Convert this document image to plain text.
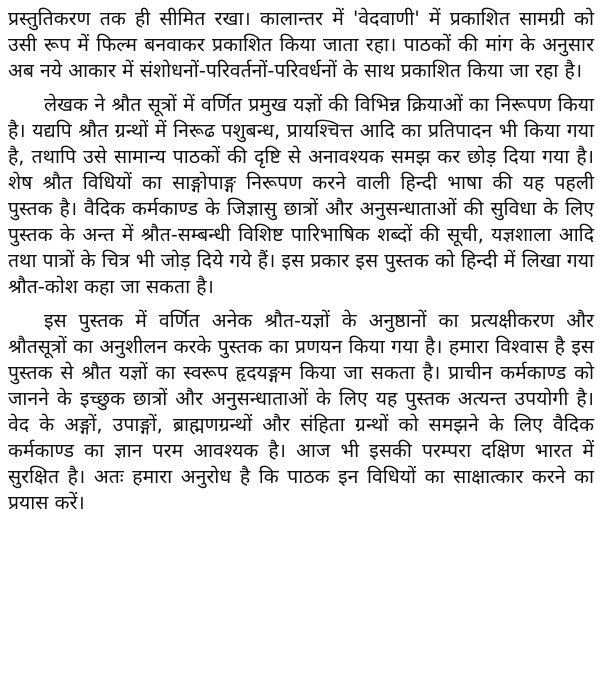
प्रस्तुतिकरण तक ही सीमित रखा। कालान्तर में 'वेदवाणी' में प्रकाशित सामग्री को उसी रूप में फिल्म बनवाकर प्रकाशित किया जाता रहा। पाठकों की मांग के अनुसार अब नये आकार में संशोधनों-परिवर्तनों-परिवर्धनों के साथ प्रकाशित किया जा रहा है।

लेखक ने श्रौत सूत्रों में वर्णित प्रमुख यज्ञों की विभिन्न क्रियाओं का निरूपण किया है। यद्यपि श्रौत ग्रन्थों में निरूढ पशुबन्ध, प्रायश्चित्त आदि का प्रतिपादन भी किया गया है, तथापि उसे सामान्य पाठकों की दृष्टि से अनावश्यक समझ कर छोड़ दिया गया है। शेष श्रौत विधियों का साङ्गोपाङ्ग निरूपण करने वाली हिन्दी भाषा की यह पहली पुस्तक है। वैदिक कर्मकाण्ड के जिज्ञासु छात्रों और अनुसन्धाताओं की सुविधा के लिए पुस्तक के अन्त में श्रौत-सम्बन्धी विशिष्ट पारिभाषिक शब्दों की सूची, यज्ञशाला आदि तथा पात्रों के चित्र भी जोड़ दिये गये हैं। इस प्रकार इस पुस्तक को हिन्दी में लिखा गया श्रौत-कोश कहा जा सकता है।

इस पुस्तक में वर्णित अनेक श्रौत-यज्ञों के अनुष्ठानों का प्रत्यक्षीकरण और श्रौतसूत्रों का अनुशीलन करके पुस्तक का प्रणयन किया गया है। हमारा विश्वास है इस पुस्तक से श्रौत यज्ञों का स्वरूप हृदयङ्गम किया जा सकता है। प्राचीन कर्मकाण्ड को जानने के इच्छुक छात्रों और अनुसन्धाताओं के लिए यह पुस्तक अत्यन्त उपयोगी है। वेद के अङ्गों, उपाङ्गों, ब्राह्मणग्रन्थों और संहिता ग्रन्थों को समझने के लिए वैदिक कर्मकाण्ड का ज्ञान परम आवश्यक है। आज भी इसकी परम्परा दक्षिण भारत में सुरक्षित है। अतः हमारा अनुरोध है कि पाठक इन विधियों का साक्षात्कार करने का प्रयास करें।
